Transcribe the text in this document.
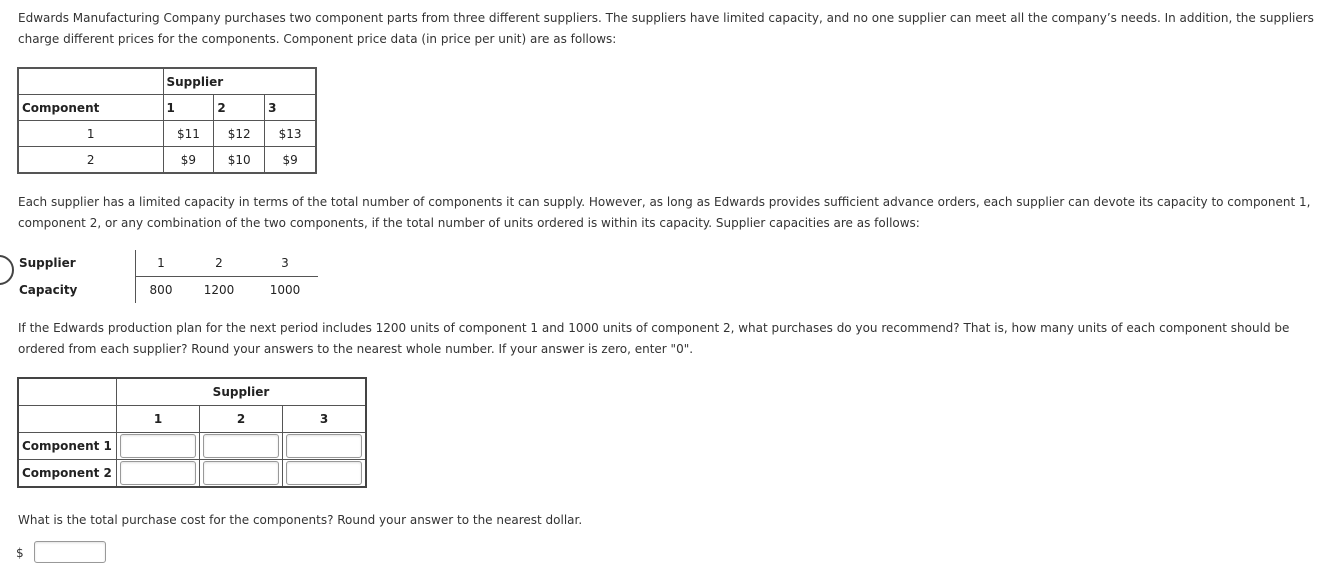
Edwards Manufacturing Company purchases two component parts from three different suppliers. The suppliers have limited capacity, and no one supplier can meet all the company’s needs. In addition, the suppliers charge different prices for the components. Component price data (in price per unit) are as follows:

	Supplier		
Component	1	2	3
1	$11	$12	$13
2	$9	$10	$9

Each supplier has a limited capacity in terms of the total number of components it can supply. However, as long as Edwards provides sufficient advance orders, each supplier can devote its capacity to component 1, component 2, or any combination of the two components, if the total number of units ordered is within its capacity. Supplier capacities are as follows:

Supplier		1	2	3
Capacity		800	1200	1000

If the Edwards production plan for the next period includes 1200 units of component 1 and 1000 units of component 2, what purchases do you recommend? That is, how many units of each component should be ordered from each supplier? Round your answers to the nearest whole number. If your answer is zero, enter "0".

	Supplier		
	1	2	3
Component 1			
Component 2			

What is the total purchase cost for the components? Round your answer to the nearest dollar.

$
